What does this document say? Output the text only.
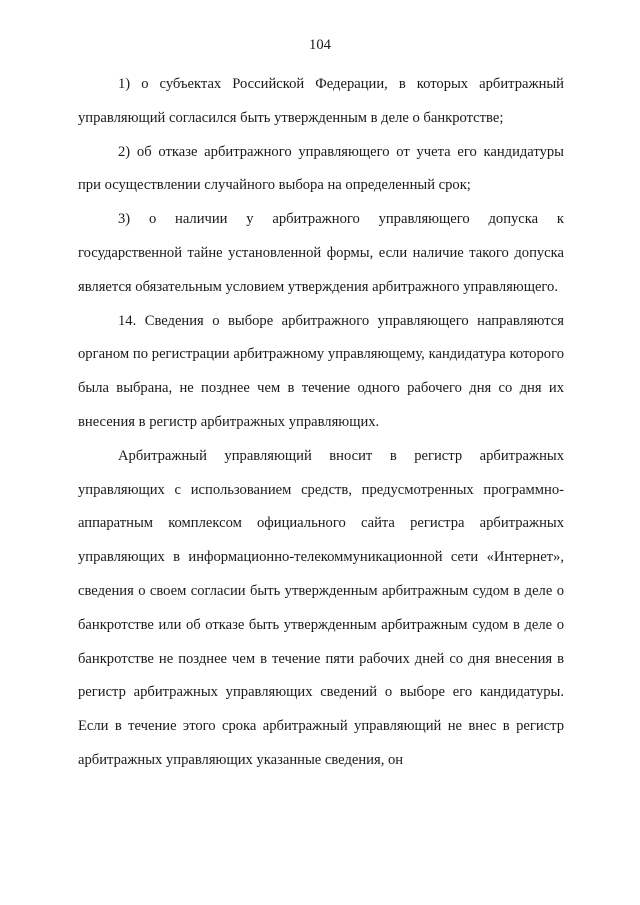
104

1) о субъектах Российской Федерации, в которых арбитражный управляющий согласился быть утвержденным в деле о банкротстве;

2) об отказе арбитражного управляющего от учета его кандидатуры при осуществлении случайного выбора на определенный срок;

3) о наличии у арбитражного управляющего допуска к государственной тайне установленной формы, если наличие такого допуска является обязательным условием утверждения арбитражного управляющего.

14. Сведения о выборе арбитражного управляющего направляются органом по регистрации арбитражному управляющему, кандидатура которого была выбрана, не позднее чем в течение одного рабочего дня со дня их внесения в регистр арбитражных управляющих.

Арбитражный управляющий вносит в регистр арбитражных управляющих с использованием средств, предусмотренных программно-аппаратным комплексом официального сайта регистра арбитражных управляющих в информационно-телекоммуникационной сети «Интернет», сведения о своем согласии быть утвержденным арбитражным судом в деле о банкротстве или об отказе быть утвержденным арбитражным судом в деле о банкротстве не позднее чем в течение пяти рабочих дней со дня внесения в регистр арбитражных управляющих сведений о выборе его кандидатуры. Если в течение этого срока арбитражный управляющий не внес в регистр арбитражных управляющих указанные сведения, он
